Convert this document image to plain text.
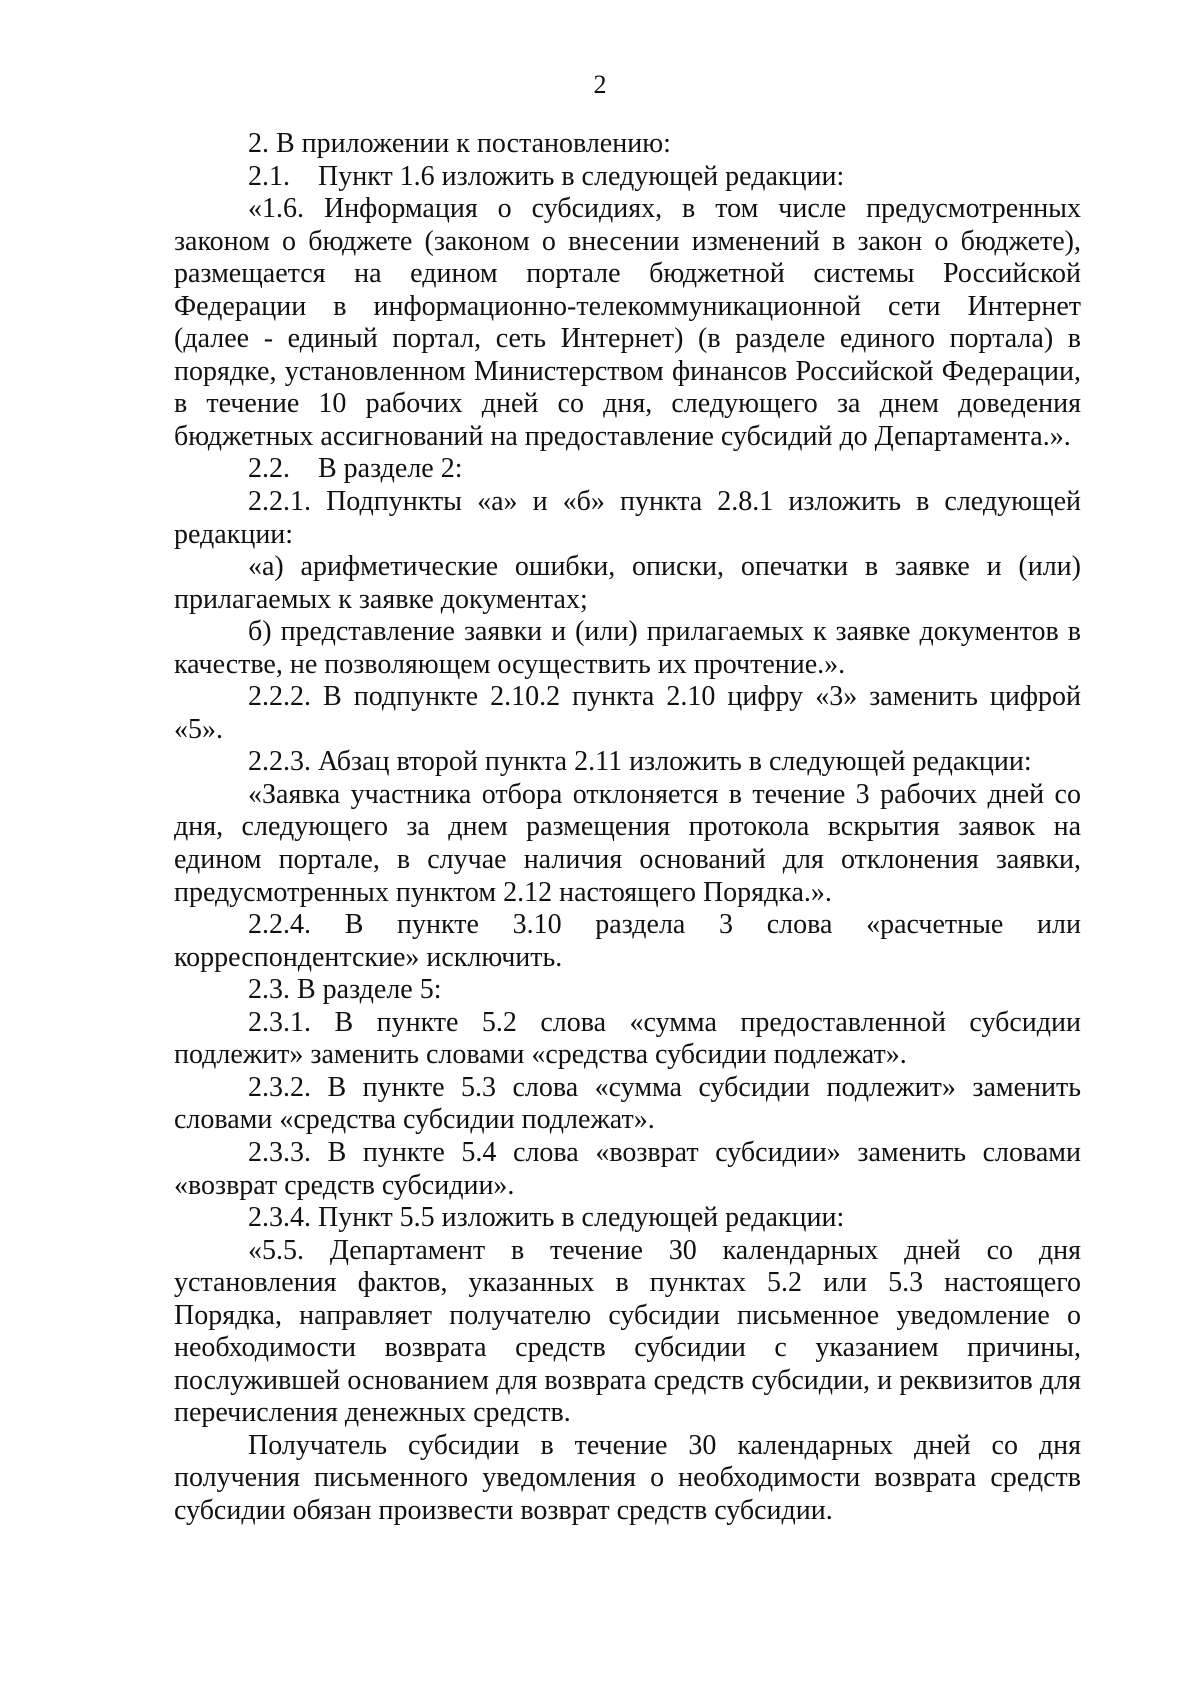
2

2. В приложении к постановлению:

2.1.    Пункт 1.6 изложить в следующей редакции:

«1.6. Информация о субсидиях, в том числе предусмотренных законом о бюджете (законом о внесении изменений в закон о бюджете), размещается на едином портале бюджетной системы Российской Федерации в информационно-телекоммуникационной сети Интернет (далее - единый портал, сеть Интернет) (в разделе единого портала) в порядке, установленном Министерством финансов Российской Федерации, в течение 10 рабочих дней со дня, следующего за днем доведения бюджетных ассигнований на предоставление субсидий до Департамента.».

2.2.    В разделе 2:

2.2.1. Подпункты «а» и «б» пункта 2.8.1 изложить в следующей редакции:

«а) арифметические ошибки, описки, опечатки в заявке и (или) прилагаемых к заявке документах;

б) представление заявки и (или) прилагаемых к заявке документов в качестве, не позволяющем осуществить их прочтение.».

2.2.2. В подпункте 2.10.2 пункта 2.10 цифру «3» заменить цифрой «5».

2.2.3. Абзац второй пункта 2.11 изложить в следующей редакции:

«Заявка участника отбора отклоняется в течение 3 рабочих дней со дня, следующего за днем размещения протокола вскрытия заявок на едином портале, в случае наличия оснований для отклонения заявки, предусмотренных пунктом 2.12 настоящего Порядка.».

2.2.4. В пункте 3.10 раздела 3 слова «расчетные или корреспондентские» исключить.

2.3. В разделе 5:

2.3.1. В пункте 5.2 слова «сумма предоставленной субсидии подлежит» заменить словами «средства субсидии подлежат».

2.3.2. В пункте 5.3 слова «сумма субсидии подлежит» заменить словами «средства субсидии подлежат».

2.3.3. В пункте 5.4 слова «возврат субсидии» заменить словами «возврат средств субсидии».

2.3.4. Пункт 5.5 изложить в следующей редакции:

«5.5. Департамент в течение 30 календарных дней со дня установления фактов, указанных в пунктах 5.2 или 5.3 настоящего Порядка, направляет получателю субсидии письменное уведомление о необходимости возврата средств субсидии с указанием причины, послужившей основанием для возврата средств субсидии, и реквизитов для перечисления денежных средств.

Получатель субсидии в течение 30 календарных дней со дня получения письменного уведомления о необходимости возврата средств субсидии обязан произвести возврат средств субсидии.
